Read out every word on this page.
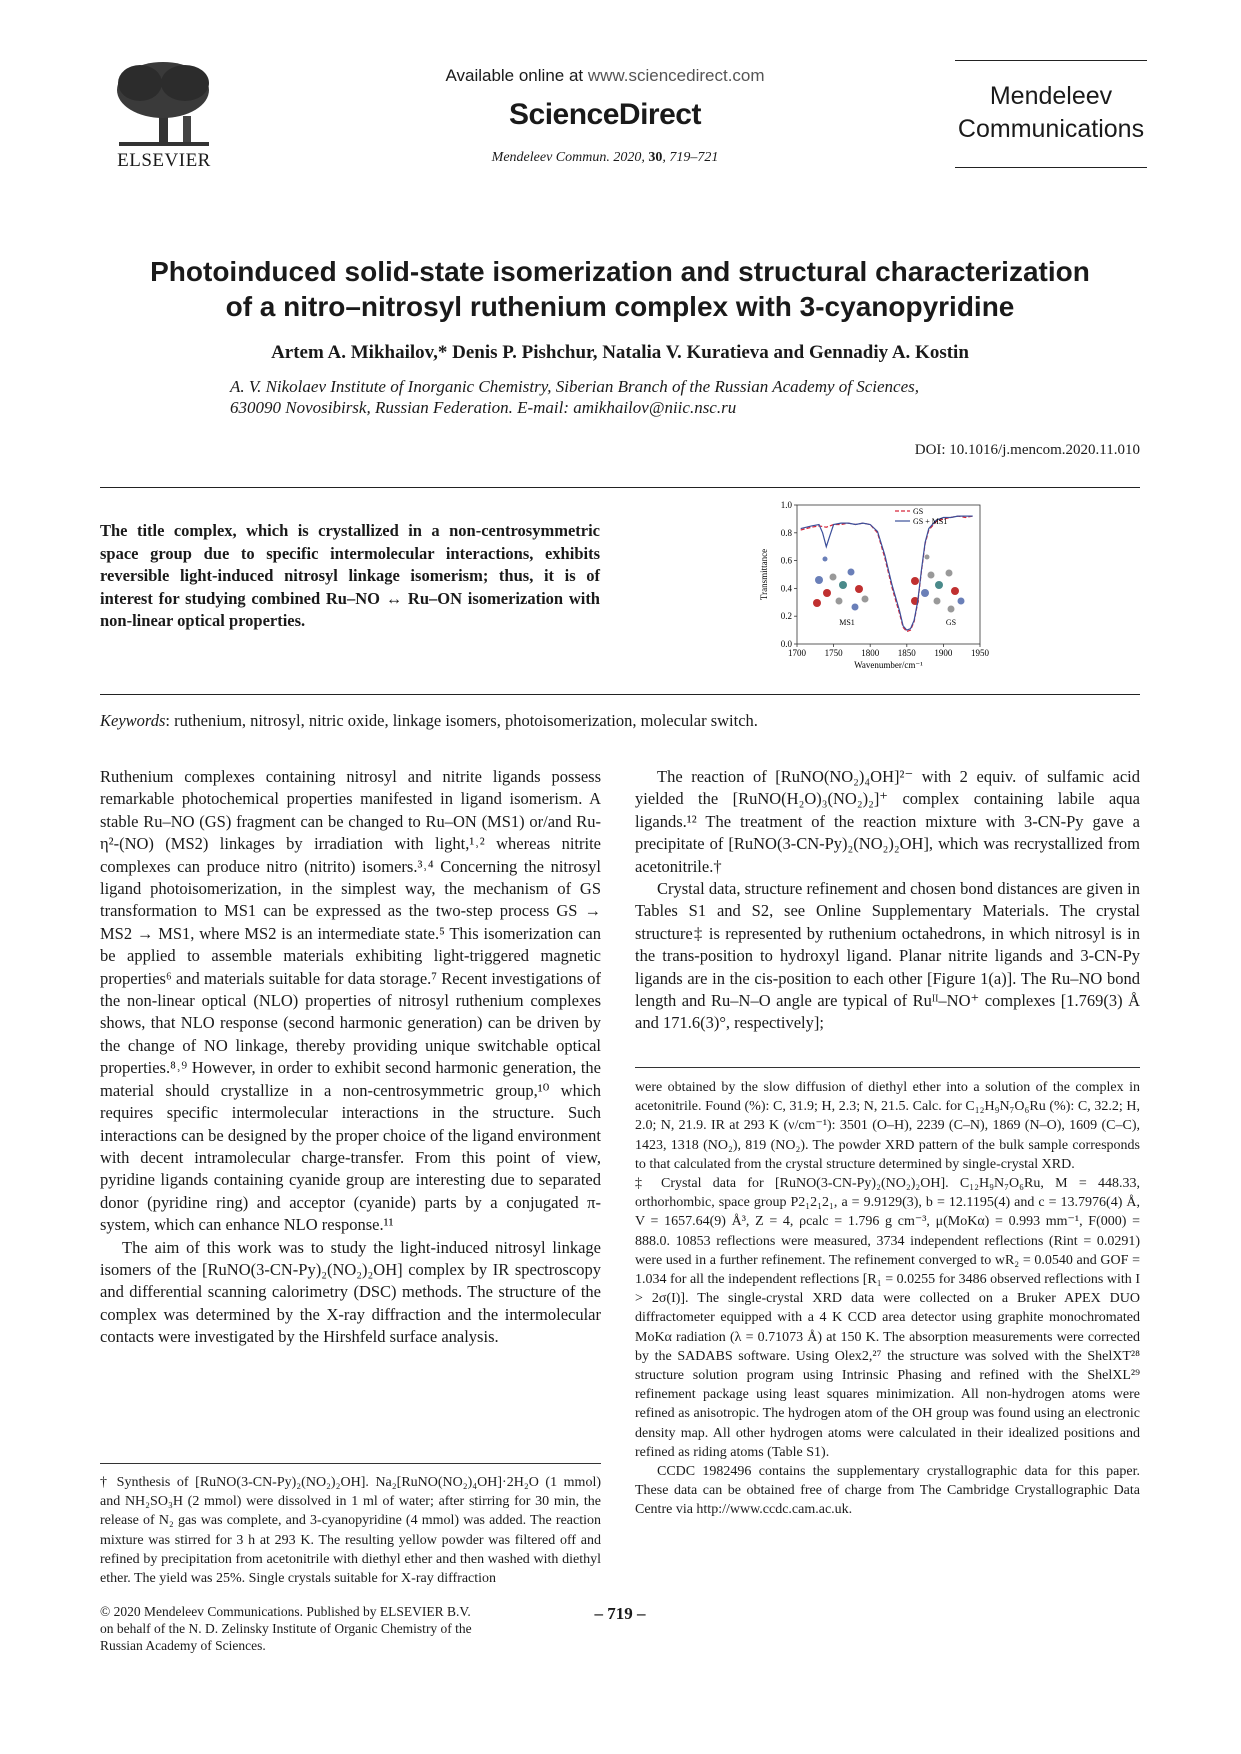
ELSEVIER
Available online at www.sciencedirect.com
ScienceDirect
Mendeleev Commun. 2020, 30, 719–721
Mendeleev
Communications
Photoinduced solid-state isomerization and structural characterization
of a nitro–nitrosyl ruthenium complex with 3-cyanopyridine
Artem A. Mikhailov,* Denis P. Pishchur, Natalia V. Kuratieva and Gennadiy A. Kostin
A. V. Nikolaev Institute of Inorganic Chemistry, Siberian Branch of the Russian Academy of Sciences,
630090 Novosibirsk, Russian Federation. E-mail: amikhailov@niic.nsc.ru
DOI: 10.1016/j.mencom.2020.11.010
The title complex, which is crystallized in a non-centrosymmetric space group due to specific intermolecular interactions, exhibits reversible light-induced nitrosyl linkage isomerism; thus, it is of interest for studying combined Ru–NO ↔ Ru–ON isomerization with non-linear optical properties.
1700 1750 1800 1850 1900 1950
0.0
0.2
0.4
0.6
0.8
1.0
Wavenumber/cm⁻¹
Transmittance
GS
GS + MS1
MS1	GS
Keywords: ruthenium, nitrosyl, nitric oxide, linkage isomers, photoisomerization, molecular switch.

Ruthenium complexes containing nitrosyl and nitrite ligands possess remarkable photochemical properties manifested in ligand isomerism. A stable Ru–NO (GS) fragment can be changed to Ru–ON (MS1) or/and Ru-η²-(NO) (MS2) linkages by irradiation with light,¹˒² whereas nitrite complexes can produce nitro (nitrito) isomers.³˒⁴ Concerning the nitrosyl ligand photoisomerization, in the simplest way, the mechanism of GS transformation to MS1 can be expressed as the two-step process GS → MS2 → MS1, where MS2 is an intermediate state.⁵ This isomerization can be applied to assemble materials exhibiting light-triggered magnetic properties⁶ and materials suitable for data storage.⁷ Recent investigations of the non-linear optical (NLO) properties of nitrosyl ruthenium complexes shows, that NLO response (second harmonic generation) can be driven by the change of NO linkage, thereby providing unique switchable optical properties.⁸˒⁹ However, in order to exhibit second harmonic generation, the material should crystallize in a non-centrosymmetric group,¹⁰ which requires specific intermolecular interactions in the structure. Such interactions can be designed by the proper choice of the ligand environment with decent intramolecular charge-transfer. From this point of view, pyridine ligands containing cyanide group are interesting due to separated donor (pyridine ring) and acceptor (cyanide) parts by a conjugated π-system, which can enhance NLO response.¹¹

The aim of this work was to study the light-induced nitrosyl linkage isomers of the [RuNO(3-CN-Py)₂(NO₂)₂OH] complex by IR spectroscopy and differential scanning calorimetry (DSC) methods. The structure of the complex was determined by the X-ray diffraction and the intermolecular contacts were investigated by the Hirshfeld surface analysis.

The reaction of [RuNO(NO₂)₄OH]²⁻ with 2 equiv. of sulfamic acid yielded the [RuNO(H₂O)₃(NO₂)₂]⁺ complex containing labile aqua ligands.¹² The treatment of the reaction mixture with 3-CN-Py gave a precipitate of [RuNO(3-CN-Py)₂(NO₂)₂OH], which was recrystallized from acetonitrile.†

Crystal data, structure refinement and chosen bond distances are given in Tables S1 and S2, see Online Supplementary Materials. The crystal structure‡ is represented by ruthenium octahedrons, in which nitrosyl is in the trans-position to hydroxyl ligand. Planar nitrite ligands and 3-CN-Py ligands are in the cis-position to each other [Figure 1(a)]. The Ru–NO bond length and Ru–N–O angle are typical of Ruᴵᴵ–NO⁺ complexes [1.769(3) Å and 171.6(3)°, respectively];

† Synthesis of [RuNO(3-CN-Py)₂(NO₂)₂OH]. Na₂[RuNO(NO₂)₄OH]·2H₂O (1 mmol) and NH₂SO₃H (2 mmol) were dissolved in 1 ml of water; after stirring for 30 min, the release of N₂ gas was complete, and 3-cyanopyridine (4 mmol) was added. The reaction mixture was stirred for 3 h at 293 K. The resulting yellow powder was filtered off and refined by precipitation from acetonitrile with diethyl ether and then washed with diethyl ether. The yield was 25%. Single crystals suitable for X-ray diffraction

were obtained by the slow diffusion of diethyl ether into a solution of the complex in acetonitrile. Found (%): C, 31.9; H, 2.3; N, 21.5. Calc. for C₁₂H₉N₇O₆Ru (%): C, 32.2; H, 2.0; N, 21.9. IR at 293 K (ν/cm⁻¹): 3501 (O–H), 2239 (C–N), 1869 (N–O), 1609 (C–C), 1423, 1318 (NO₂), 819 (NO₂). The powder XRD pattern of the bulk sample corresponds to that calculated from the crystal structure determined by single-crystal XRD.

‡ Crystal data for [RuNO(3-CN-Py)₂(NO₂)₂OH]. C₁₂H₉N₇O₆Ru, M = 448.33, orthorhombic, space group P2₁2₁2₁, a = 9.9129(3), b = 12.1195(4) and c = 13.7976(4) Å, V = 1657.64(9) Å³, Z = 4, ρcalc = 1.796 g cm⁻³, μ(MoKα) = 0.993 mm⁻¹, F(000) = 888.0. 10853 reflections were measured, 3734 independent reflections (Rint = 0.0291) were used in a further refinement. The refinement converged to wR₂ = 0.0540 and GOF = 1.034 for all the independent reflections [R₁ = 0.0255 for 3486 observed reflections with I > 2σ(I)]. The single-crystal XRD data were collected on a Bruker APEX DUO diffractometer equipped with a 4 K CCD area detector using graphite monochromated MoKα radiation (λ = 0.71073 Å) at 150 K. The absorption measurements were corrected by the SADABS software. Using Olex2,²⁷ the structure was solved with the ShelXT²⁸ structure solution program using Intrinsic Phasing and refined with the ShelXL²⁹ refinement package using least squares minimization. All non-hydrogen atoms were refined as anisotropic. The hydrogen atom of the OH group was found using an electronic density map. All other hydrogen atoms were calculated in their idealized positions and refined as riding atoms (Table S1).

CCDC 1982496 contains the supplementary crystallographic data for this paper. These data can be obtained free of charge from The Cambridge Crystallographic Data Centre via http://www.ccdc.cam.ac.uk.

© 2020 Mendeleev Communications. Published by ELSEVIER B.V.
on behalf of the N. D. Zelinsky Institute of Organic Chemistry of the
Russian Academy of Sciences.
– 719 –
